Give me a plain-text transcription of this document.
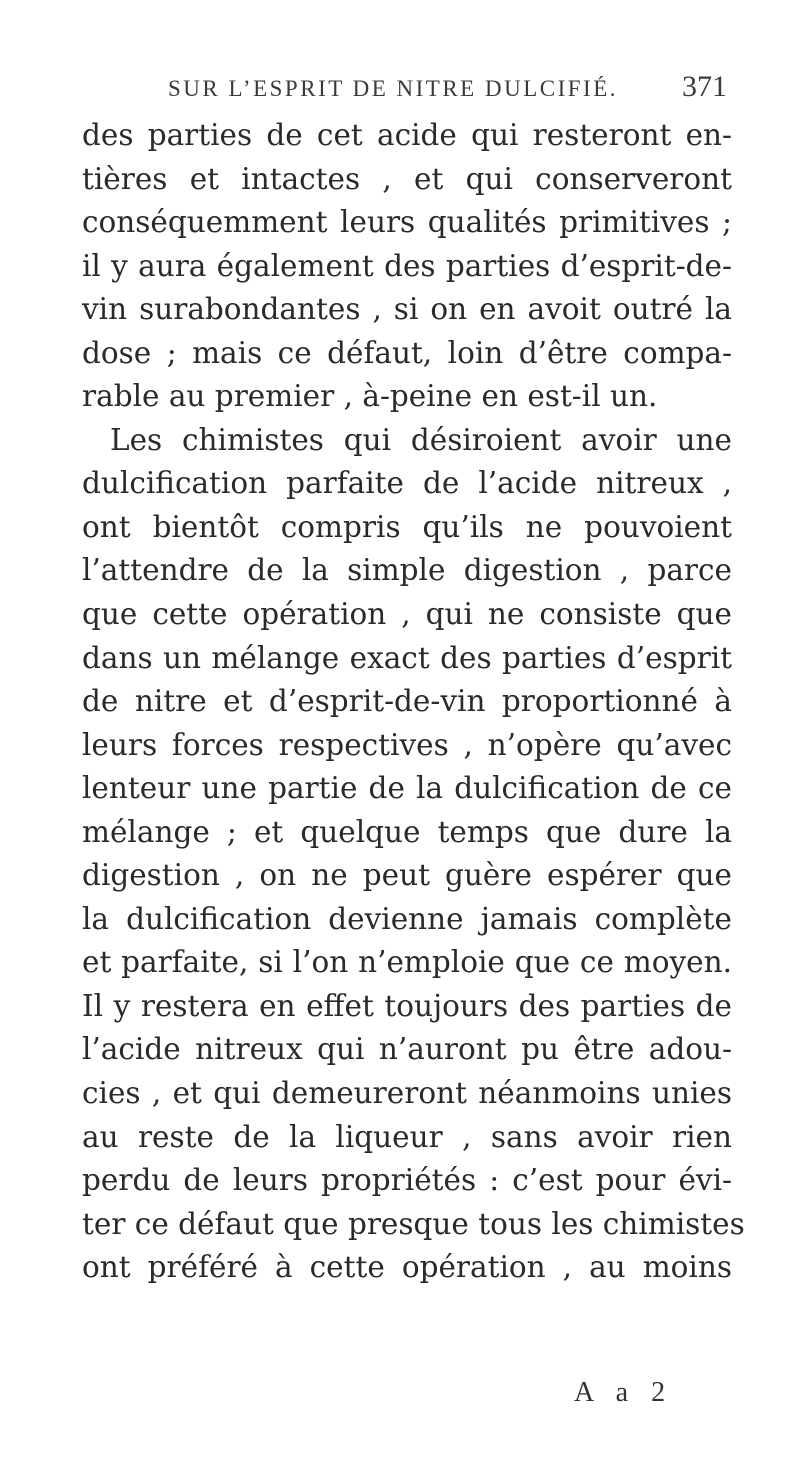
SUR L’ESPRIT DE NITRE DULCIFIÉ. 371
des parties de cet acide qui resteront en-
tières et intactes , et qui conserveront
conséquemment leurs qualités primitives ;
il y aura également des parties d’esprit-de-
vin surabondantes , si on en avoit outré la
dose ; mais ce défaut, loin d’être compa-
rable au premier , à-peine en est-il un.
Les chimistes qui désiroient avoir une
dulcification parfaite de l’acide nitreux ,
ont bientôt compris qu’ils ne pouvoient
l’attendre de la simple digestion , parce
que cette opération , qui ne consiste que
dans un mélange exact des parties d’esprit
de nitre et d’esprit-de-vin proportionné à
leurs forces respectives , n’opère qu’avec
lenteur une partie de la dulcification de ce
mélange ; et quelque temps que dure la
digestion , on ne peut guère espérer que
la dulcification devienne jamais complète
et parfaite, si l’on n’emploie que ce moyen.
Il y restera en effet toujours des parties de
l’acide nitreux qui n’auront pu être adou-
cies , et qui demeureront néanmoins unies
au reste de la liqueur , sans avoir rien
perdu de leurs propriétés : c’est pour évi-
ter ce défaut que presque tous les chimistes
ont préféré à cette opération , au moins
A a 2
